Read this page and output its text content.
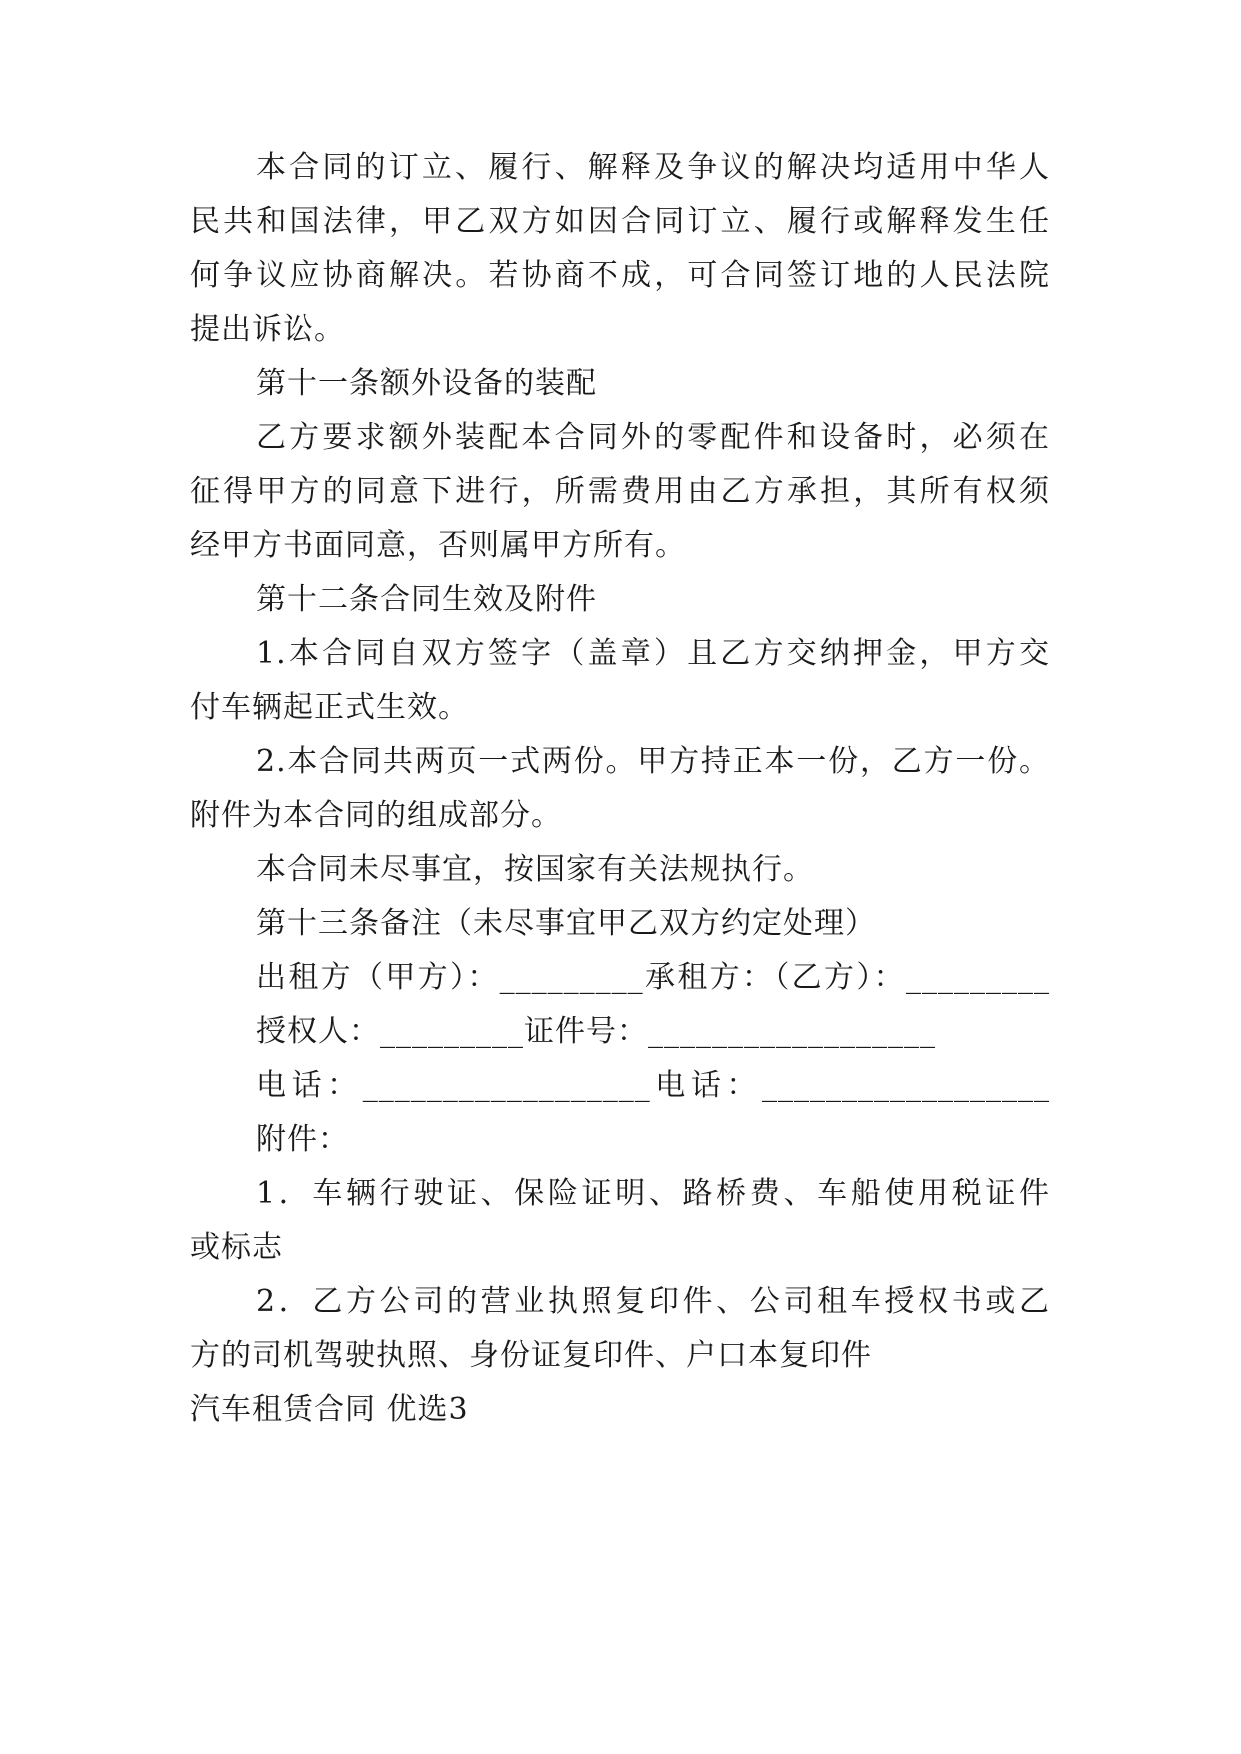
本合同的订立、履行、解释及争议的解决均适用中华人
民共和国法律，甲乙双方如因合同订立、履行或解释发生任
何争议应协商解决。若协商不成，可合同签订地的人民法院
提出诉讼。
第十一条额外设备的装配
乙方要求额外装配本合同外的零配件和设备时，必须在
征得甲方的同意下进行，所需费用由乙方承担，其所有权须
经甲方书面同意，否则属甲方所有。
第十二条合同生效及附件
1.本合同自双方签字（盖章）且乙方交纳押金，甲方交
付车辆起正式生效。
2.本合同共两页一式两份。甲方持正本一份，乙方一份。
附件为本合同的组成部分。
本合同未尽事宜，按国家有关法规执行。
第十三条备注（未尽事宜甲乙双方约定处理）
出租方（甲方）：_________承租方：（乙方）：_________
授权人：_________证件号：__________________
电话：__________________电话：__________________
附件：
1．车辆行驶证、保险证明、路桥费、车船使用税证件
或标志
2．乙方公司的营业执照复印件、公司租车授权书或乙
方的司机驾驶执照、身份证复印件、户口本复印件
汽车租赁合同 优选3
